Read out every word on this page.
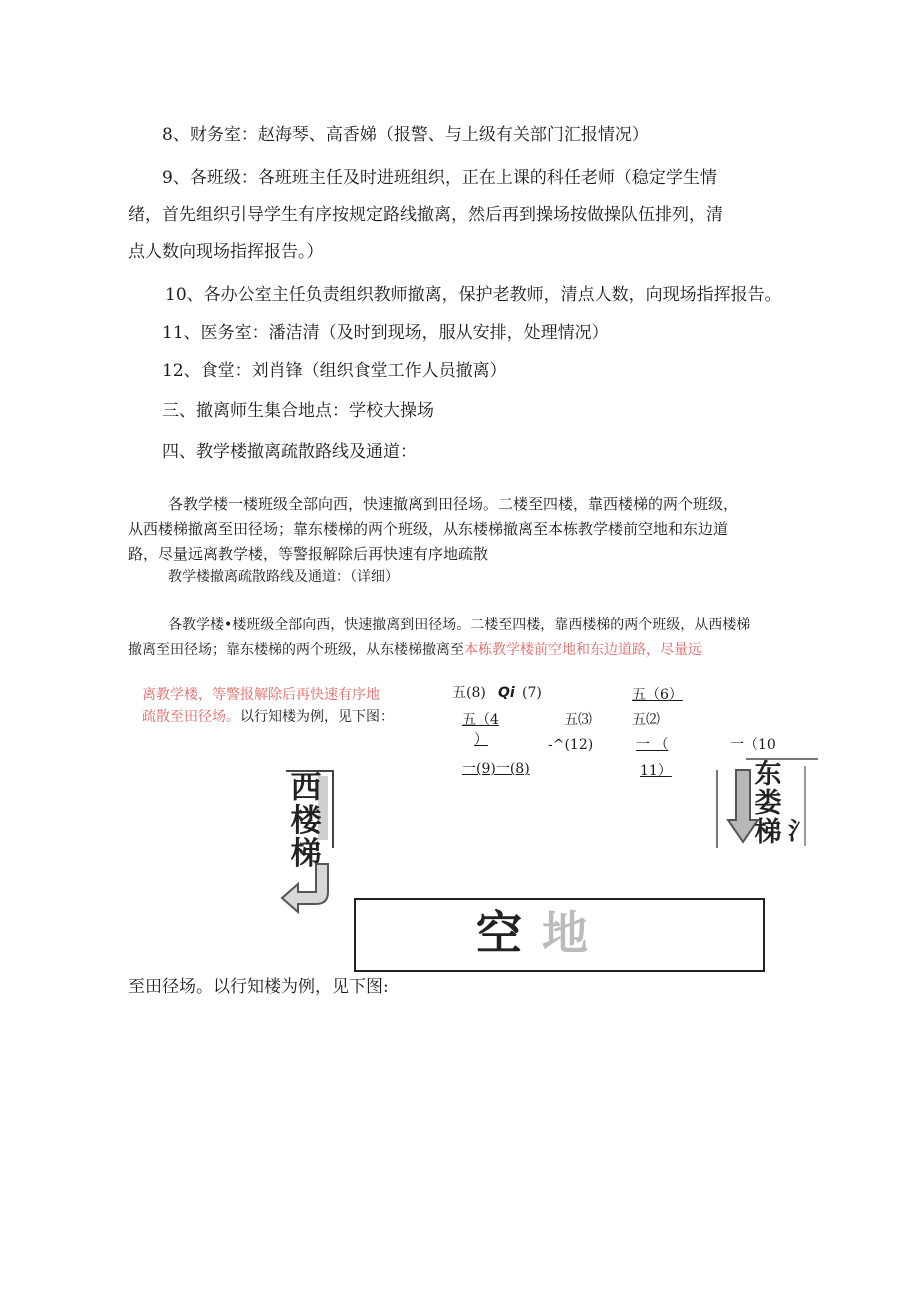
8、财务室：赵海琴、高香娣（报警、与上级有关部门汇报情况）
9、各班级：各班班主任及时进班组织，正在上课的科任老师（稳定学生情
绪，首先组织引导学生有序按规定路线撤离，然后再到操场按做操队伍排列，清
点人数向现场指挥报告。）
10、各办公室主任负责组织教师撤离，保护老教师，清点人数，向现场指挥报告。
11、医务室：潘洁清（及时到现场，服从安排，处理情况）
12、食堂：刘肖锋（组织食堂工作人员撤离）
三、撤离师生集合地点：学校大操场
四、教学楼撤离疏散路线及通道：
各教学楼一楼班级全部向西，快速撤离到田径场。二楼至四楼，靠西楼梯的两个班级，
从西楼梯撤离至田径场；靠东楼梯的两个班级，从东楼梯撤离至本栋教学楼前空地和东边道
路，尽量远离教学楼，等警报解除后再快速有序地疏散
教学楼撤离疏散路线及通道：（详细）
各教学楼•楼班级全部向西，快速撤离到田径场。二楼至四楼，靠西楼梯的两个班级，从西楼梯
撤离至田径场；靠东楼梯的两个班级，从东楼梯撤离至本栋教学楼前空地和东边道路，尽量远
离教学楼，等警报解除后再快速有序地
疏散至田径场。以行知楼为例，见下图：
五(8) Qi (7)	五（6）
五（4	五⑶	五⑵
）	-^(12)	一 （	一（10
一(9)一(8)	11）
西楼梯
东娄梯 氵
空 地
至田径场。以行知楼为例，见下图:
